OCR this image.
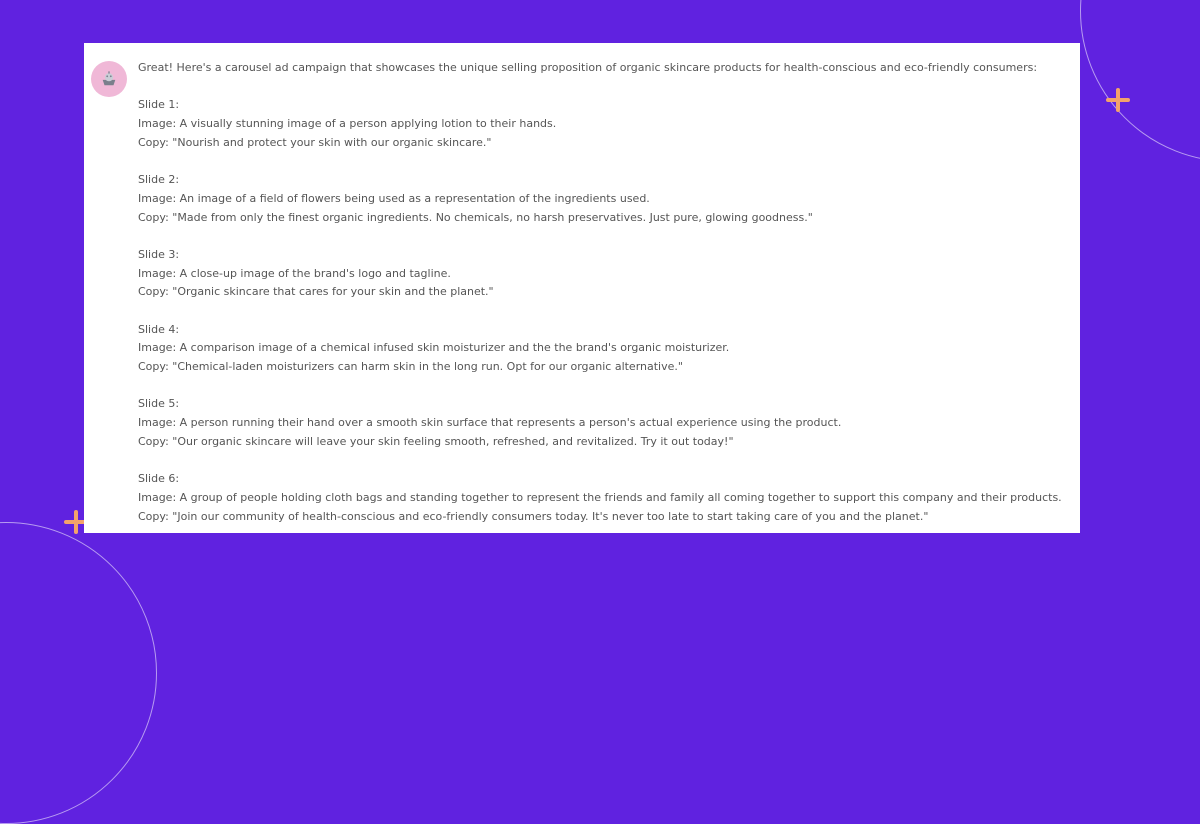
Great! Here's a carousel ad campaign that showcases the unique selling proposition of organic skincare products for health-conscious and eco-friendly consumers:
Slide 1:
Image: A visually stunning image of a person applying lotion to their hands.
Copy: "Nourish and protect your skin with our organic skincare."
Slide 2:
Image: An image of a field of flowers being used as a representation of the ingredients used.
Copy: "Made from only the finest organic ingredients. No chemicals, no harsh preservatives. Just pure, glowing goodness."
Slide 3:
Image: A close-up image of the brand's logo and tagline.
Copy: "Organic skincare that cares for your skin and the planet."
Slide 4:
Image: A comparison image of a chemical infused skin moisturizer and the the brand's organic moisturizer.
Copy: "Chemical-laden moisturizers can harm skin in the long run. Opt for our organic alternative."
Slide 5:
Image: A person running their hand over a smooth skin surface that represents a person's actual experience using the product.
Copy: "Our organic skincare will leave your skin feeling smooth, refreshed, and revitalized. Try it out today!"
Slide 6:
Image: A group of people holding cloth bags and standing together to represent the friends and family all coming together to support this company and their products.
Copy: "Join our community of health-conscious and eco-friendly consumers today. It's never too late to start taking care of you and the planet."
